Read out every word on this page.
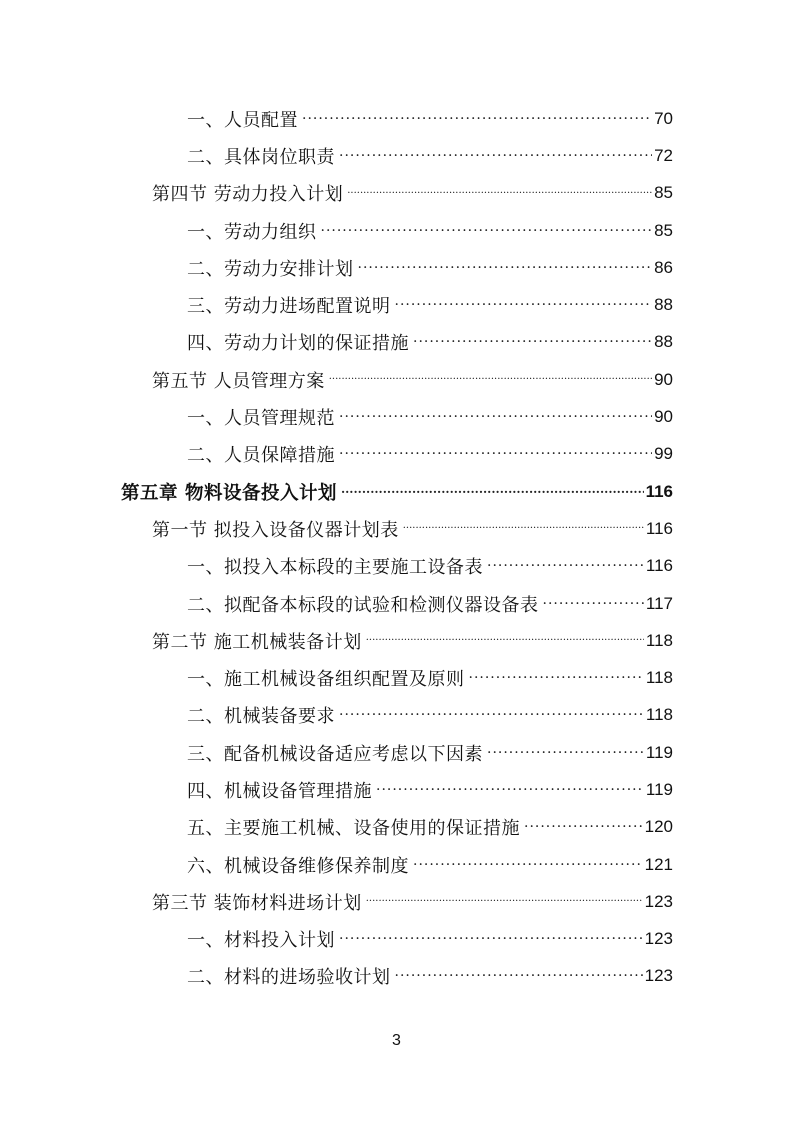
一、人员配置 ·····	70
二、具体岗位职责 ·····	72
第四节 劳动力投入计划 ·····	85
一、劳动力组织 ·····	85
二、劳动力安排计划 ·····	86
三、劳动力进场配置说明 ·····	88
四、劳动力计划的保证措施 ·····	88
第五节 人员管理方案 ·····	90
一、人员管理规范 ·····	90
二、人员保障措施 ·····	99
第五章 物料设备投入计划 ·····	116
第一节 拟投入设备仪器计划表 ·····	116
一、拟投入本标段的主要施工设备表 ·····	116
二、拟配备本标段的试验和检测仪器设备表 ·····	117
第二节 施工机械装备计划 ·····	118
一、施工机械设备组织配置及原则 ·····	118
二、机械装备要求 ·····	118
三、配备机械设备适应考虑以下因素 ·····	119
四、机械设备管理措施 ·····	119
五、主要施工机械、设备使用的保证措施 ·····	120
六、机械设备维修保养制度 ·····	121
第三节 装饰材料进场计划 ·····	123
一、材料投入计划 ·····	123
二、材料的进场验收计划 ·····	123
3
